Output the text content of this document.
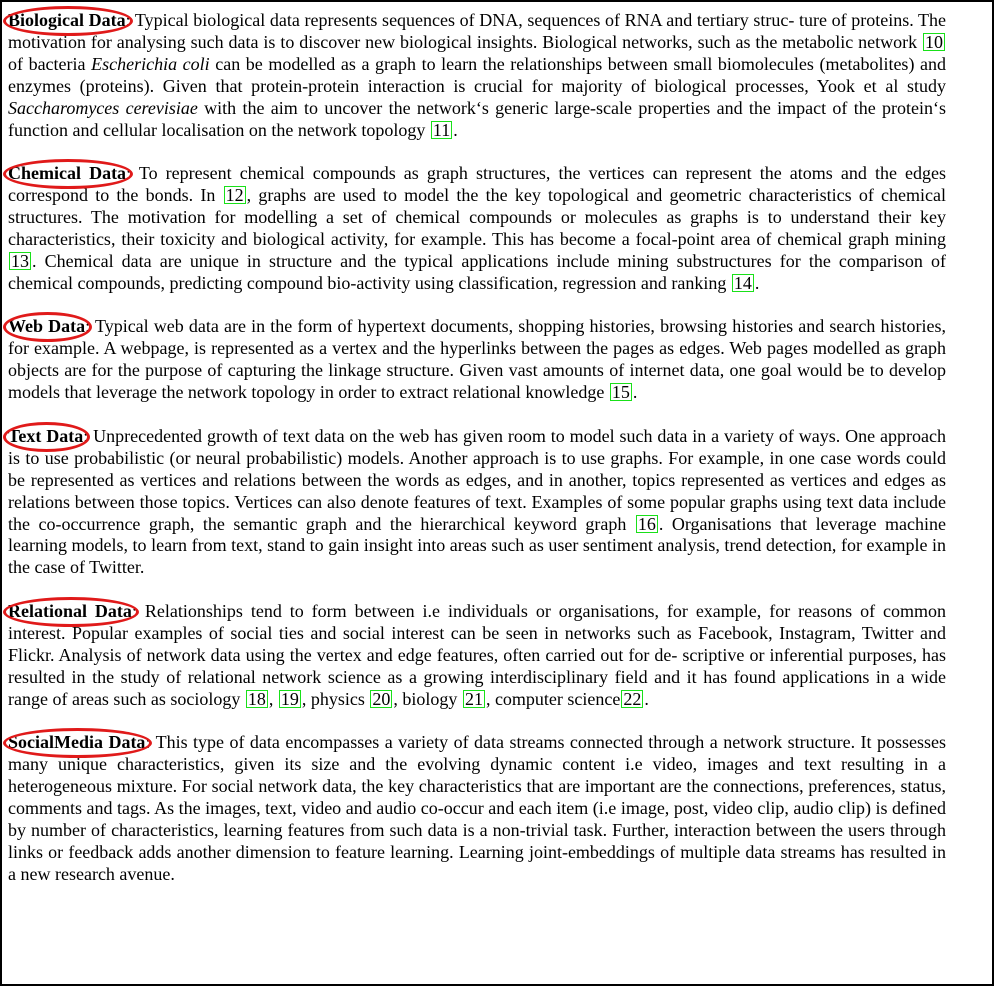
Biological Data: Typical biological data represents sequences of DNA, sequences of RNA and tertiary struc- ture of proteins. The motivation for analysing such data is to discover new biological insights. Biological networks, such as the metabolic network 10 of bacteria Escherichia coli can be modelled as a graph to learn the relationships between small biomolecules (metabolites) and enzymes (proteins). Given that protein-protein interaction is crucial for majority of biological processes, Yook et al study Saccharomyces cerevisiae with the aim to uncover the network‘s generic large-scale properties and the impact of the protein‘s function and cellular localisation on the network topology 11 .

Chemical Data: To represent chemical compounds as graph structures, the vertices can represent the atoms and the edges correspond to the bonds. In 12 , graphs are used to model the the key topological and geometric characteristics of chemical structures. The motivation for modelling a set of chemical compounds or molecules as graphs is to understand their key characteristics, their toxicity and biological activity, for example. This has become a focal-point area of chemical graph mining 13 . Chemical data are unique in structure and the typical applications include mining substructures for the comparison of chemical compounds, predicting compound bio-activity using classification, regression and ranking 14 .

Web Data: Typical web data are in the form of hypertext documents, shopping histories, browsing histories and search histories, for example. A webpage, is represented as a vertex and the hyperlinks between the pages as edges. Web pages modelled as graph objects are for the purpose of capturing the linkage structure. Given vast amounts of internet data, one goal would be to develop models that leverage the network topology in order to extract relational knowledge 15 .

Text Data: Unprecedented growth of text data on the web has given room to model such data in a variety of ways. One approach is to use probabilistic (or neural probabilistic) models. Another approach is to use graphs. For example, in one case words could be represented as vertices and relations between the words as edges, and in another, topics represented as vertices and edges as relations between those topics. Vertices can also denote features of text. Examples of some popular graphs using text data include the co-occurrence graph, the semantic graph and the hierarchical keyword graph 16 . Organisations that leverage machine learning models, to learn from text, stand to gain insight into areas such as user sentiment analysis, trend detection, for example in the case of Twitter.

Relational Data: Relationships tend to form between i.e individuals or organisations, for example, for reasons of common interest. Popular examples of social ties and social interest can be seen in networks such as Facebook, Instagram, Twitter and Flickr. Analysis of network data using the vertex and edge features, often carried out for de- scriptive or inferential purposes, has resulted in the study of relational network science as a growing interdisciplinary field and it has found applications in a wide range of areas such as sociology 18 , 19 , physics 20 , biology 21 , computer science 22 .

SocialMedia Data: This type of data encompasses a variety of data streams connected through a network structure. It possesses many unique characteristics, given its size and the evolving dynamic content i.e video, images and text resulting in a heterogeneous mixture. For social network data, the key characteristics that are important are the connections, preferences, status, comments and tags. As the images, text, video and audio co-occur and each item (i.e image, post, video clip, audio clip) is defined by number of characteristics, learning features from such data is a non-trivial task. Further, interaction between the users through links or feedback adds another dimension to feature learning. Learning joint-embeddings of multiple data streams has resulted in a new research avenue.
